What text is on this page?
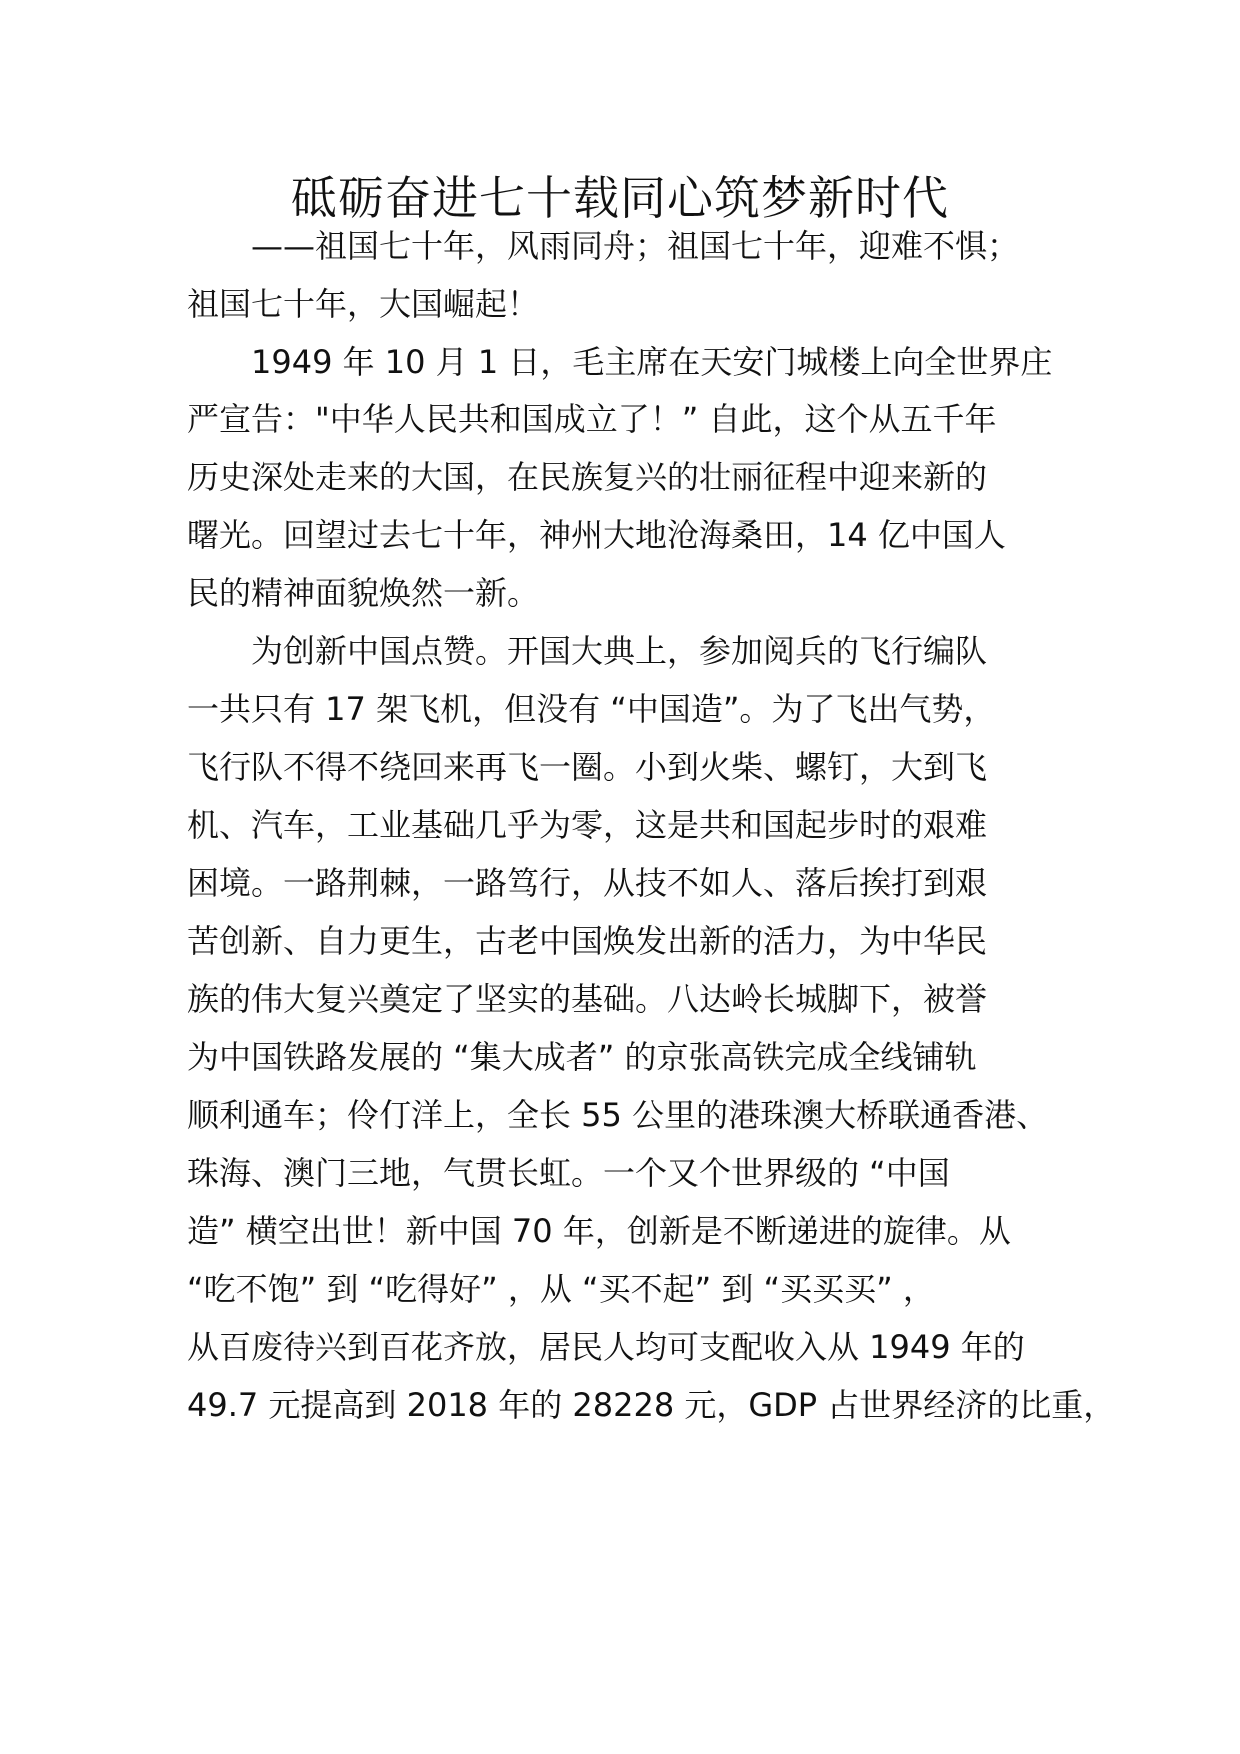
砥砺奋进七十载同心筑梦新时代
——祖国七十年，风雨同舟；祖国七十年，迎难不惧；
祖国七十年，大国崛起！
1949 年 10 月 1 日，毛主席在天安门城楼上向全世界庄
严宣告："中华人民共和国成立了！” 自此，这个从五千年
历史深处走来的大国，在民族复兴的壮丽征程中迎来新的
曙光。回望过去七十年，神州大地沧海桑田，14 亿中国人
民的精神面貌焕然一新。
为创新中国点赞。开国大典上，参加阅兵的飞行编队
一共只有 17 架飞机，但没有 “中国造”。为了飞出气势，
飞行队不得不绕回来再飞一圈。小到火柴、螺钉，大到飞
机、汽车，工业基础几乎为零，这是共和国起步时的艰难
困境。一路荆棘，一路笃行，从技不如人、落后挨打到艰
苦创新、自力更生，古老中国焕发出新的活力，为中华民
族的伟大复兴奠定了坚实的基础。八达岭长城脚下，被誉
为中国铁路发展的 “集大成者” 的京张高铁完成全线铺轨
顺利通车；伶仃洋上，全长 55 公里的港珠澳大桥联通香港、
珠海、澳门三地，气贯长虹。一个又个世界级的 “中国
造” 横空出世！新中国 70 年，创新是不断递进的旋律。从
“吃不饱” 到 “吃得好” ，从 “买不起” 到 “买买买” ，
从百废待兴到百花齐放，居民人均可支配收入从 1949 年的
49.7 元提高到 2018 年的 28228 元，GDP 占世界经济的比重，
